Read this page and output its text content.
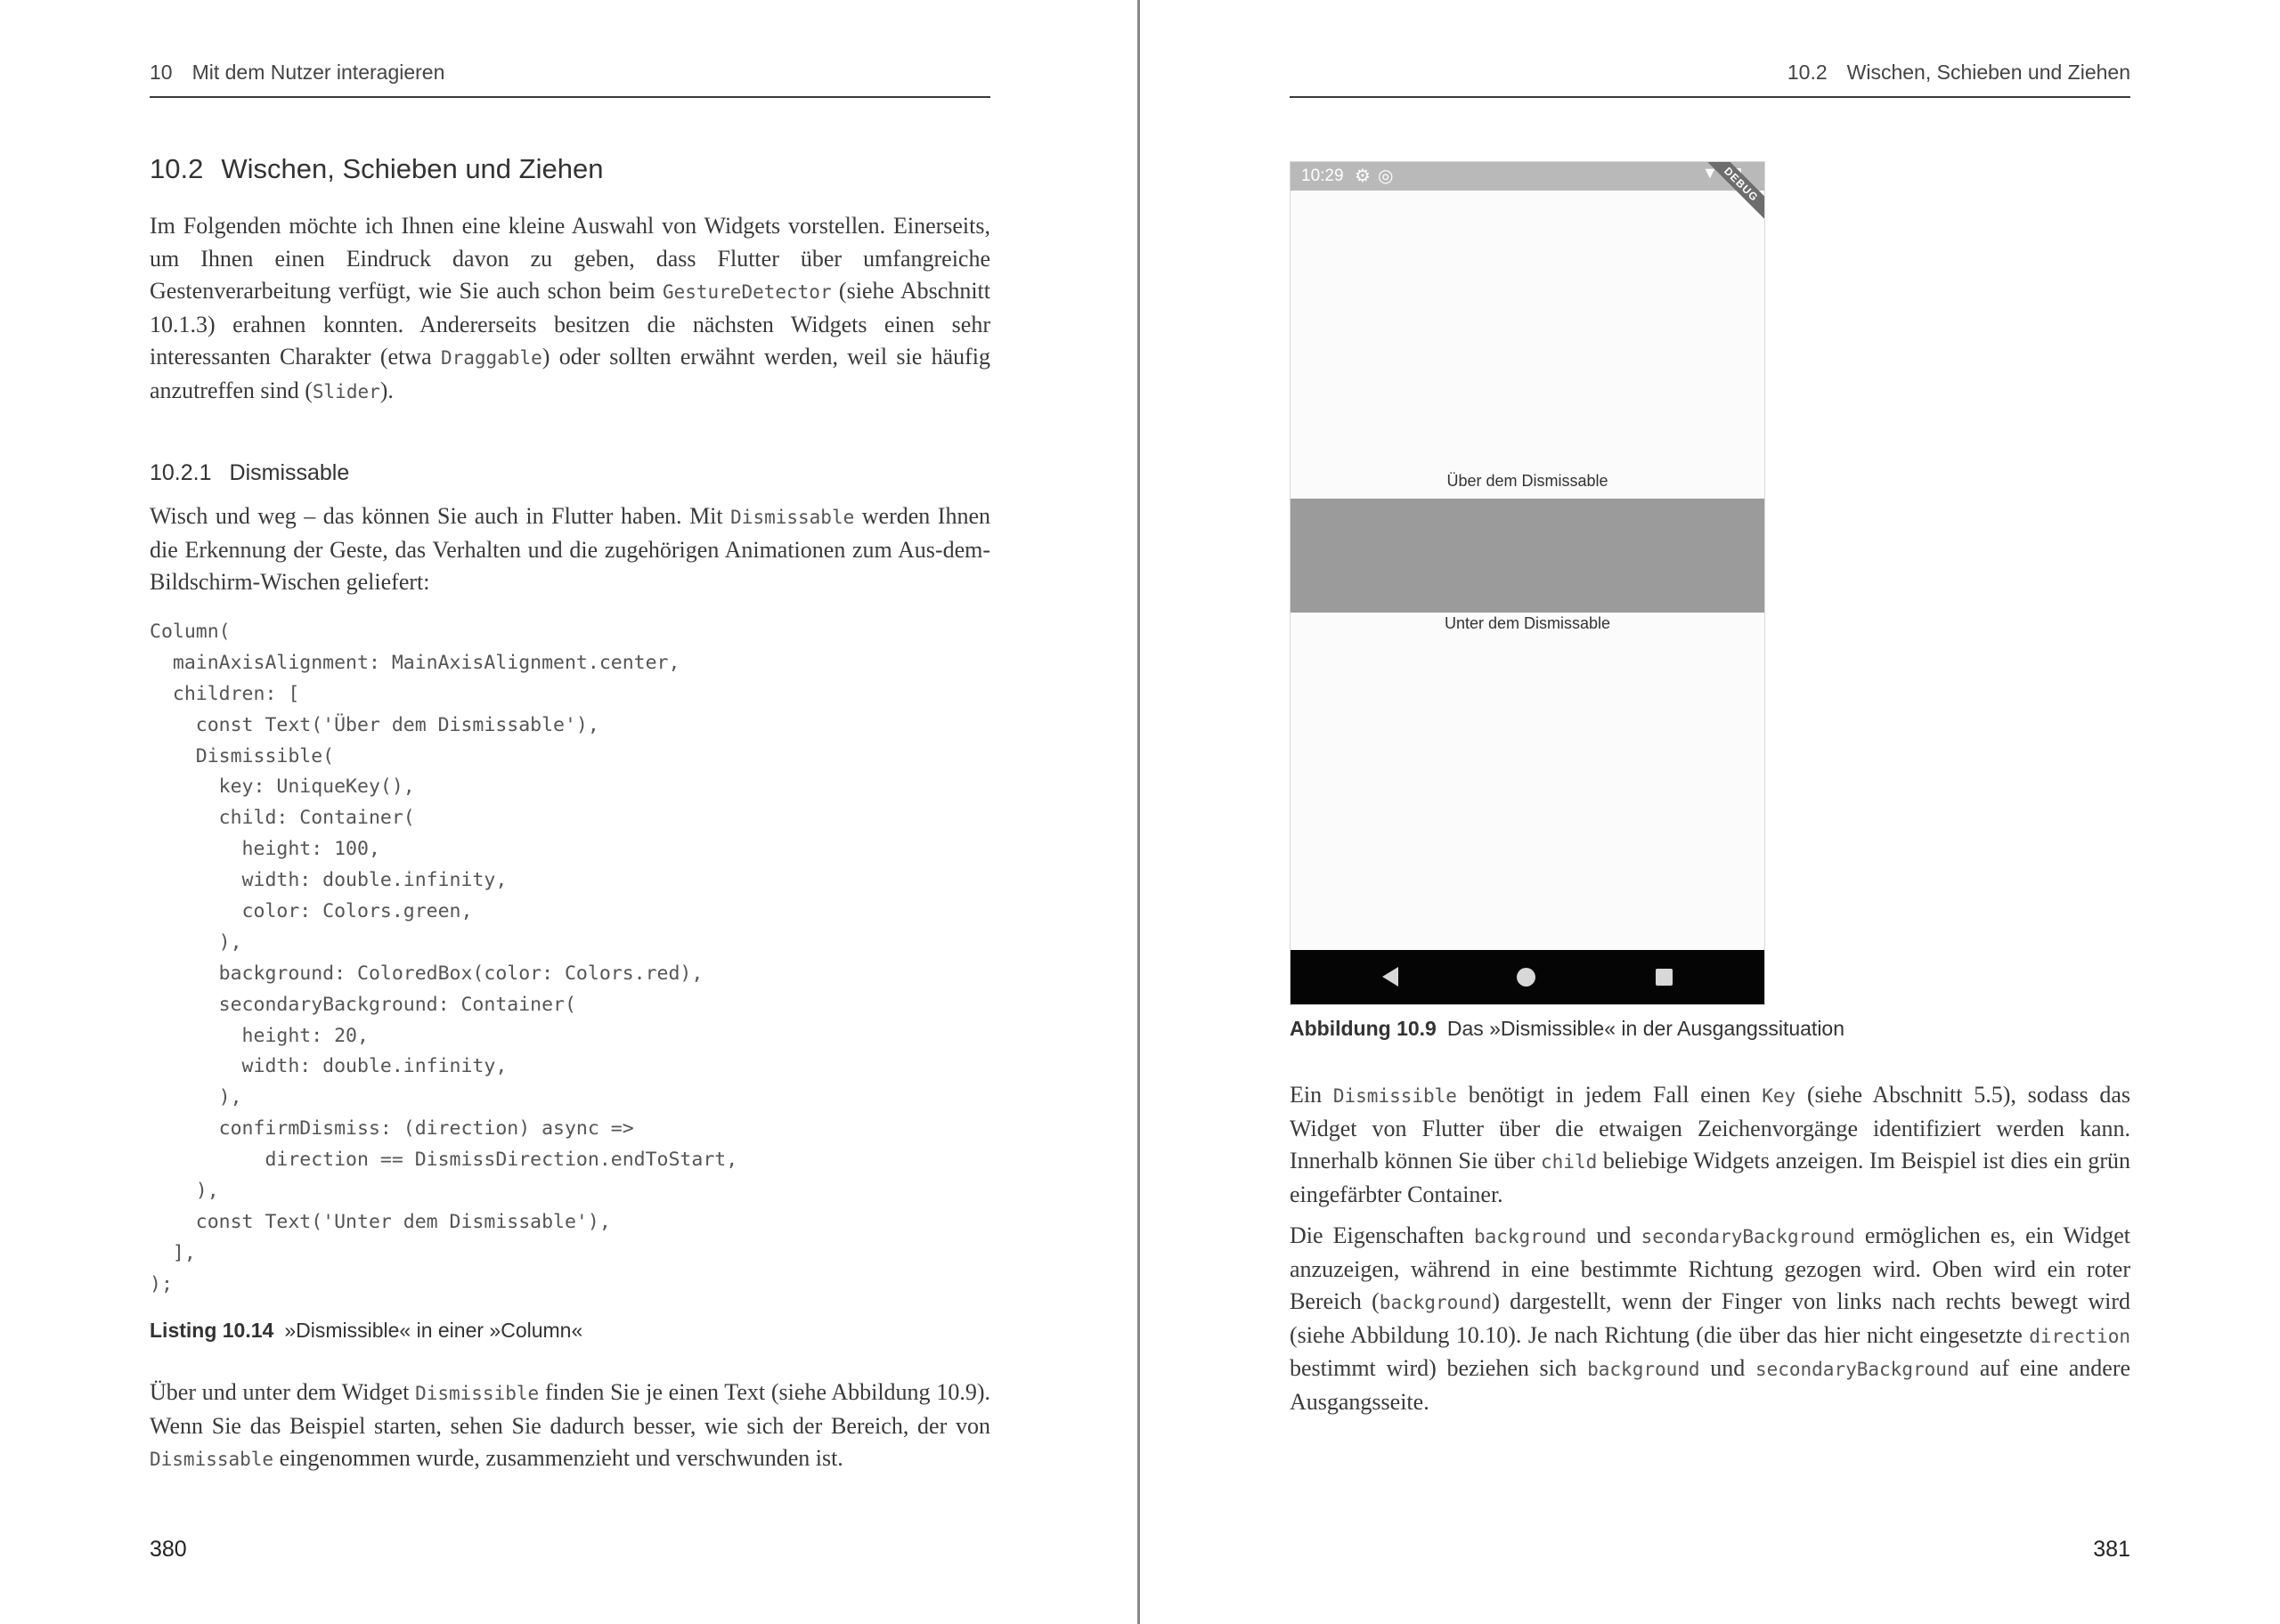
10 Mit dem Nutzer interagieren
10.2 Wischen, Schieben und Ziehen
Im Folgenden möchte ich Ihnen eine kleine Auswahl von Widgets vorstellen. Einerseits, um Ihnen einen Eindruck davon zu geben, dass Flutter über umfangreiche Gestenverarbeitung verfügt, wie Sie auch schon beim GestureDetector (siehe Abschnitt 10.1.3) erahnen konnten. Andererseits besitzen die nächsten Widgets einen sehr interessanten Charakter (etwa Draggable) oder sollten erwähnt werden, weil sie häufig anzutreffen sind (Slider).
10.2.1 Dismissable
Wisch und weg – das können Sie auch in Flutter haben. Mit Dismissable werden Ihnen die Erkennung der Geste, das Verhalten und die zugehörigen Animationen zum Aus-dem-Bildschirm-Wischen geliefert:
Column(
mainAxisAlignment: MainAxisAlignment.center,
children: [
const Text('Über dem Dismissable'),
Dismissible(
key: UniqueKey(),
child: Container(
height: 100,
width: double.infinity,
color: Colors.green,
),
background: ColoredBox(color: Colors.red),
secondaryBackground: Container(
height: 20,
width: double.infinity,
),
confirmDismiss: (direction) async =>
direction == DismissDirection.endToStart,
),
const Text('Unter dem Dismissable'),
],
);
Listing 10.14 »Dismissible« in einer »Column«
Über und unter dem Widget Dismissible finden Sie je einen Text (siehe Abbildung 10.9). Wenn Sie das Beispiel starten, sehen Sie dadurch besser, wie sich der Bereich, der von Dismissable eingenommen wurde, zusammenzieht und verschwunden ist.
380
10.2 Wischen, Schieben und Ziehen
Abbildung 10.9 Das »Dismissible« in der Ausgangssituation
Ein Dismissible benötigt in jedem Fall einen Key (siehe Abschnitt 5.5), sodass das Widget von Flutter über die etwaigen Zeichenvorgänge identifiziert werden kann. Innerhalb können Sie über child beliebige Widgets anzeigen. Im Beispiel ist dies ein grün eingefärbter Container.
Die Eigenschaften background und secondaryBackground ermöglichen es, ein Widget anzuzeigen, während in eine bestimmte Richtung gezogen wird. Oben wird ein roter Bereich (background) dargestellt, wenn der Finger von links nach rechts bewegt wird (siehe Abbildung 10.10). Je nach Richtung (die über das hier nicht eingesetzte direction bestimmt wird) beziehen sich background und secondaryBackground auf eine andere Ausgangsseite.
381
10:29 ⚙ ◎	▼ DEBUG
Über dem Dismissable
Unter dem Dismissable
